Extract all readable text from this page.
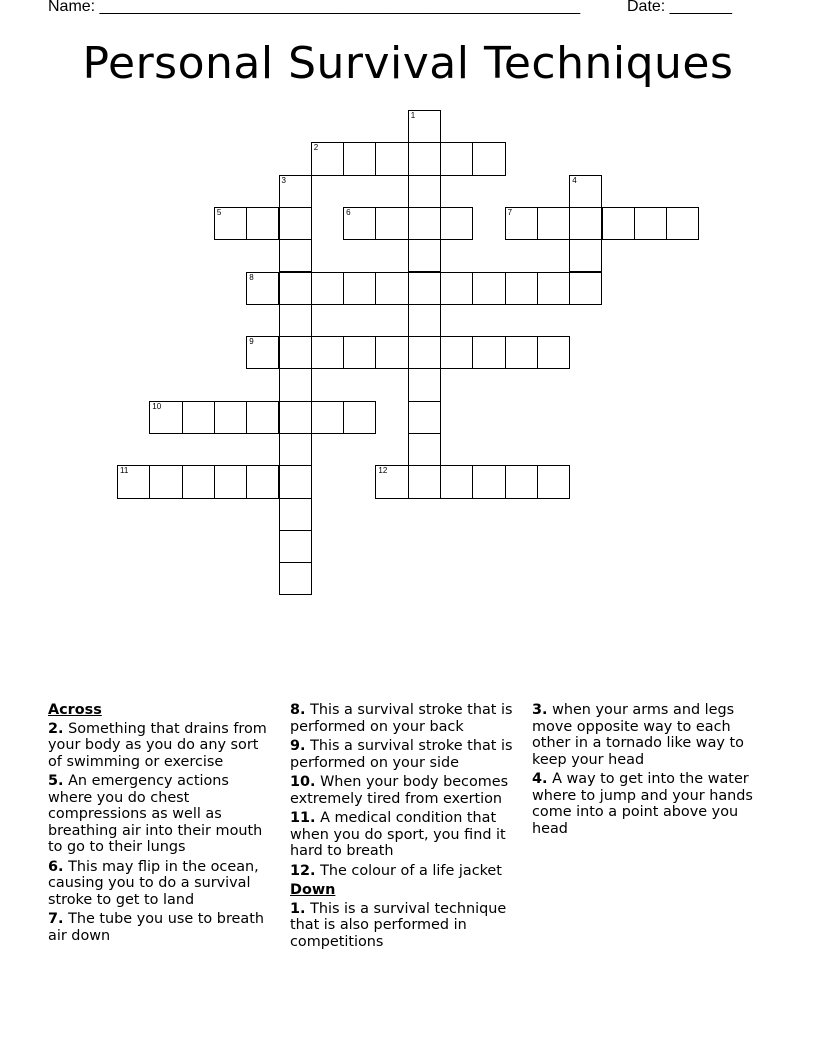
Name: ______________________________________________________	Date: _______
Personal Survival Techniques
1
2
3	4
5	6	7
8
9
10
11	12
Across
2. Something that drains from your body as you do any sort of swimming or exercise
5. An emergency actions where you do chest compressions as well as breathing air into their mouth to go to their lungs
6. This may flip in the ocean, causing you to do a survival stroke to get to land
7. The tube you use to breath air down
8. This a survival stroke that is performed on your back
9. This a survival stroke that is performed on your side
10. When your body becomes extremely tired from exertion
11. A medical condition that when you do sport, you find it hard to breath
12. The colour of a life jacket
Down
1. This is a survival technique that is also performed in competitions
3. when your arms and legs move opposite way to each other in a tornado like way to keep your head
4. A way to get into the water where to jump and your hands come into a point above you head
